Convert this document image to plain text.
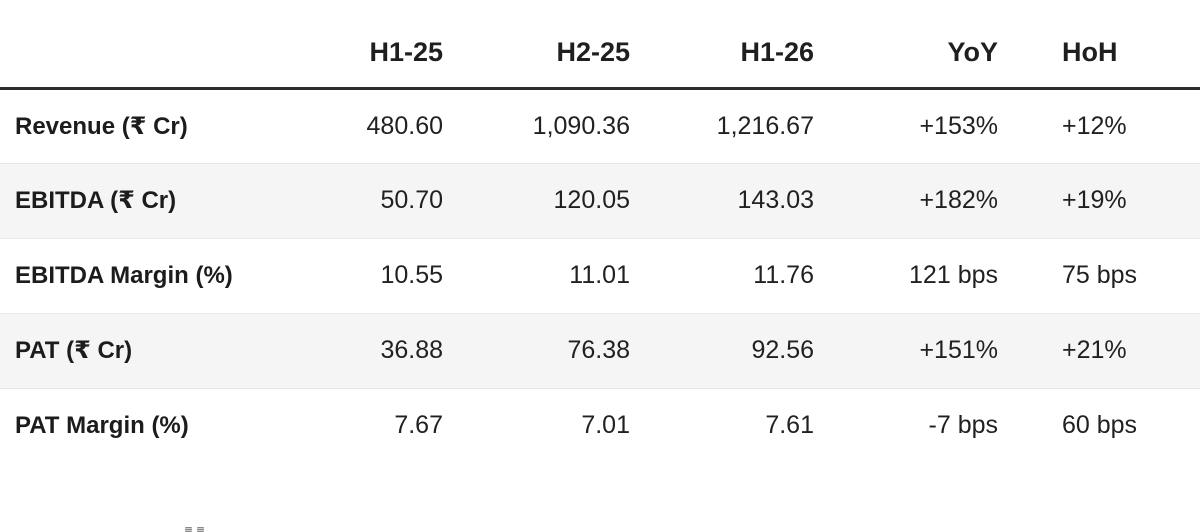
	H1-25	H2-25	H1-26	YoY	HoH
Revenue (₹ Cr)	480.60	1,090.36	1,216.67	+153%	+12%
EBITDA (₹ Cr)	50.70	120.05	143.03	+182%	+19%
EBITDA Margin (%)	10.55	11.01	11.76	121 bps	75 bps
PAT (₹ Cr)	36.88	76.38	92.56	+151%	+21%
PAT Margin (%)	7.67	7.01	7.61	-7 bps	60 bps
